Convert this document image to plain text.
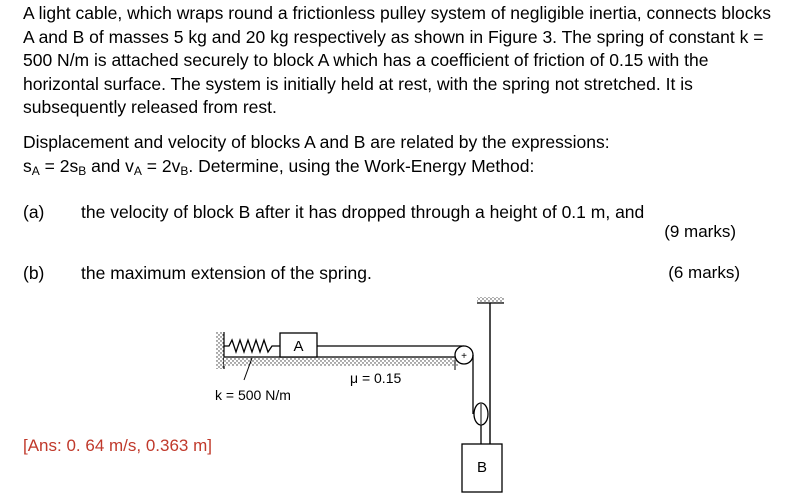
A light cable, which wraps round a frictionless pulley system of negligible inertia, connects blocks A and B of masses 5 kg and 20 kg respectively as shown in Figure 3. The spring of constant k = 500 N/m is attached securely to block A which has a coefficient of friction of 0.15 with the horizontal surface. The system is initially held at rest, with the spring not stretched. It is subsequently released from rest.

Displacement and velocity of blocks A and B are related by the expressions:
$s_A = 2s_B$ and $v_A = 2v_B$. Determine, using the Work-Energy Method:

(a) the velocity of block B after it has dropped through a height of 0.1 m, and
(9 marks)
(b) the maximum extension of the spring.	(6 marks)
[Ans: 0. 64 m/s, 0.363 m]
A
+
B
μ = 0.15
k = 500 N/m
